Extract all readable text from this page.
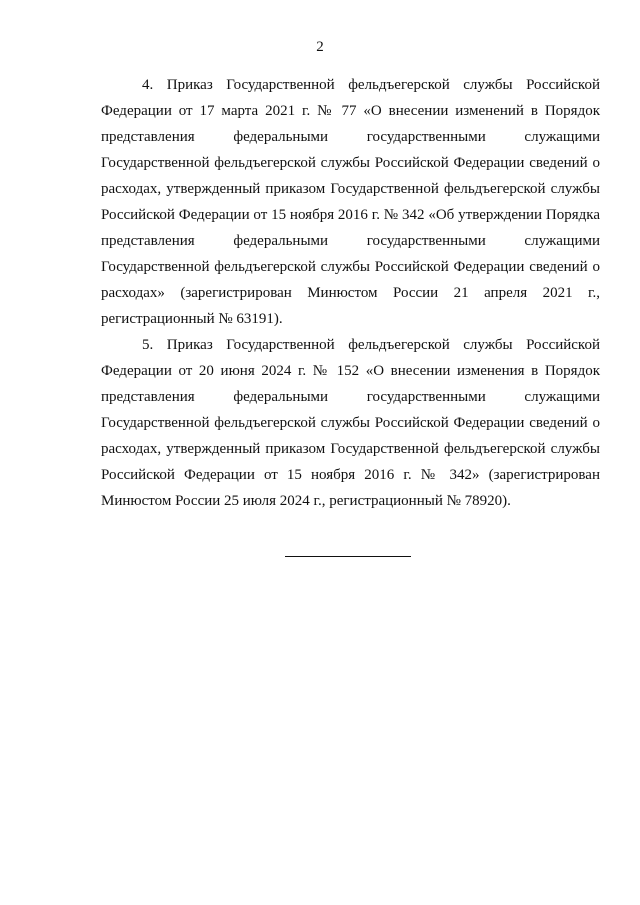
2

4. Приказ Государственной фельдъегерской службы Российской Федерации от 17 марта 2021 г. № 77 «О внесении изменений в Порядок представления федеральными государственными служащими Государственной фельдъегерской службы Российской Федерации сведений о расходах, утвержденный приказом Государственной фельдъегерской службы Российской Федерации от 15 ноября 2016 г. № 342 «Об утверждении Порядка представления федеральными государственными служащими Государственной фельдъегерской службы Российской Федерации сведений о расходах» (зарегистрирован Минюстом России 21 апреля 2021 г., регистрационный № 63191).

5. Приказ Государственной фельдъегерской службы Российской Федерации от 20 июня 2024 г. № 152 «О внесении изменения в Порядок представления федеральными государственными служащими Государственной фельдъегерской службы Российской Федерации сведений о расходах, утвержденный приказом Государственной фельдъегерской службы Российской Федерации от 15 ноября 2016 г. № 342» (зарегистрирован Минюстом России 25 июля 2024 г., регистрационный № 78920).
